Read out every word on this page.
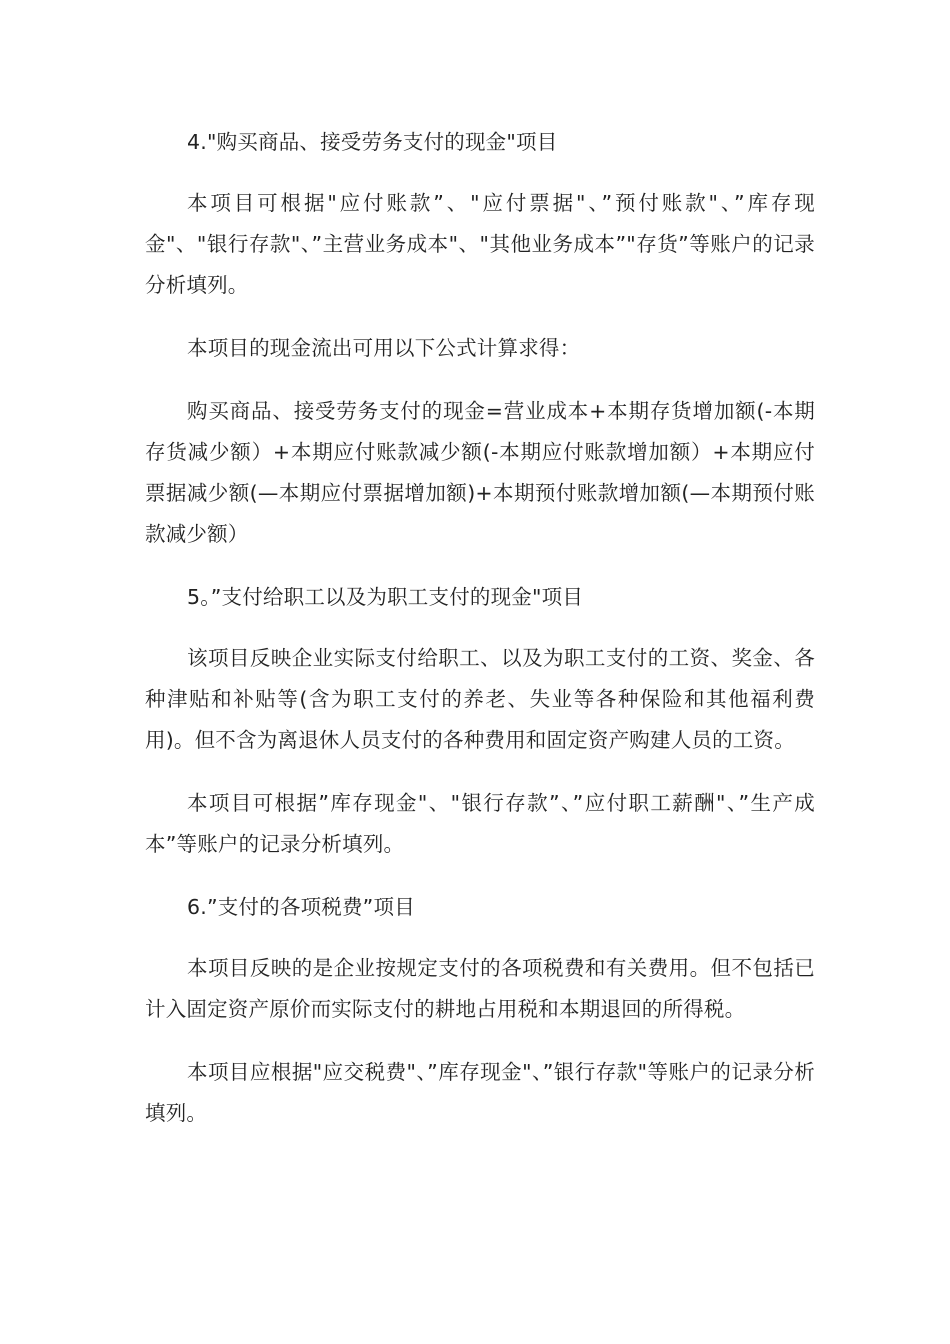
4."购买商品、接受劳务支付的现金"项目

本项目可根据"应付账款”、"应付票据"、”预付账款"、”库存现金"、"银行存款"、”主营业务成本"、"其他业务成本”"存货”等账户的记录分析填列。

本项目的现金流出可用以下公式计算求得：

购买商品、接受劳务支付的现金=营业成本+本期存货增加额(-本期存货减少额）+本期应付账款减少额(-本期应付账款增加额）+本期应付票据减少额(—本期应付票据增加额)+本期预付账款增加额(—本期预付账款减少额）

5。”支付给职工以及为职工支付的现金"项目

该项目反映企业实际支付给职工、以及为职工支付的工资、奖金、各种津贴和补贴等(含为职工支付的养老、失业等各种保险和其他福利费用)。但不含为离退休人员支付的各种费用和固定资产购建人员的工资。

本项目可根据”库存现金"、"银行存款”、”应付职工薪酬"、”生产成本”等账户的记录分析填列。

6.”支付的各项税费”项目

本项目反映的是企业按规定支付的各项税费和有关费用。但不包括已计入固定资产原价而实际支付的耕地占用税和本期退回的所得税。

本项目应根据"应交税费"、”库存现金"、”银行存款"等账户的记录分析填列。
